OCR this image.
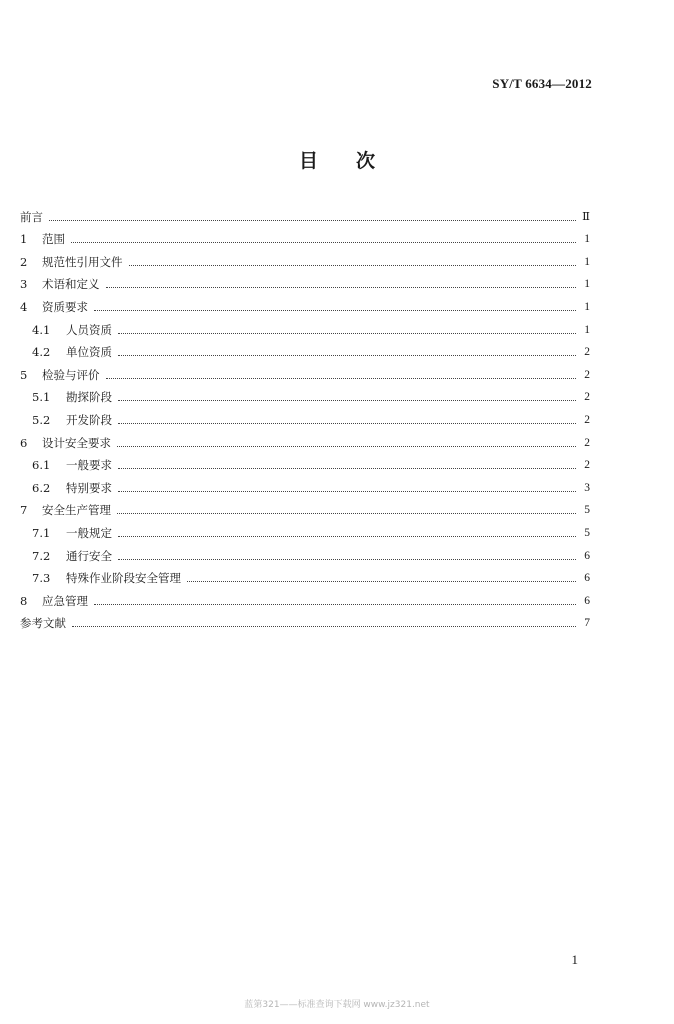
SY/T 6634—2012
目次
前言	Ⅱ
1	范围	1
2	规范性引用文件	1
3	术语和定义	1
4	资质要求	1
4.1	人员资质	1
4.2	单位资质	2
5	检验与评价	2
5.1	勘探阶段	2
5.2	开发阶段	2
6	设计安全要求	2
6.1	一般要求	2
6.2	特别要求	3
7	安全生产管理	5
7.1	一般规定	5
7.2	通行安全	6
7.3	特殊作业阶段安全管理	6
8	应急管理	6
参考文献	7
1
蓝第321——标准查询下载网 www.jz321.net
